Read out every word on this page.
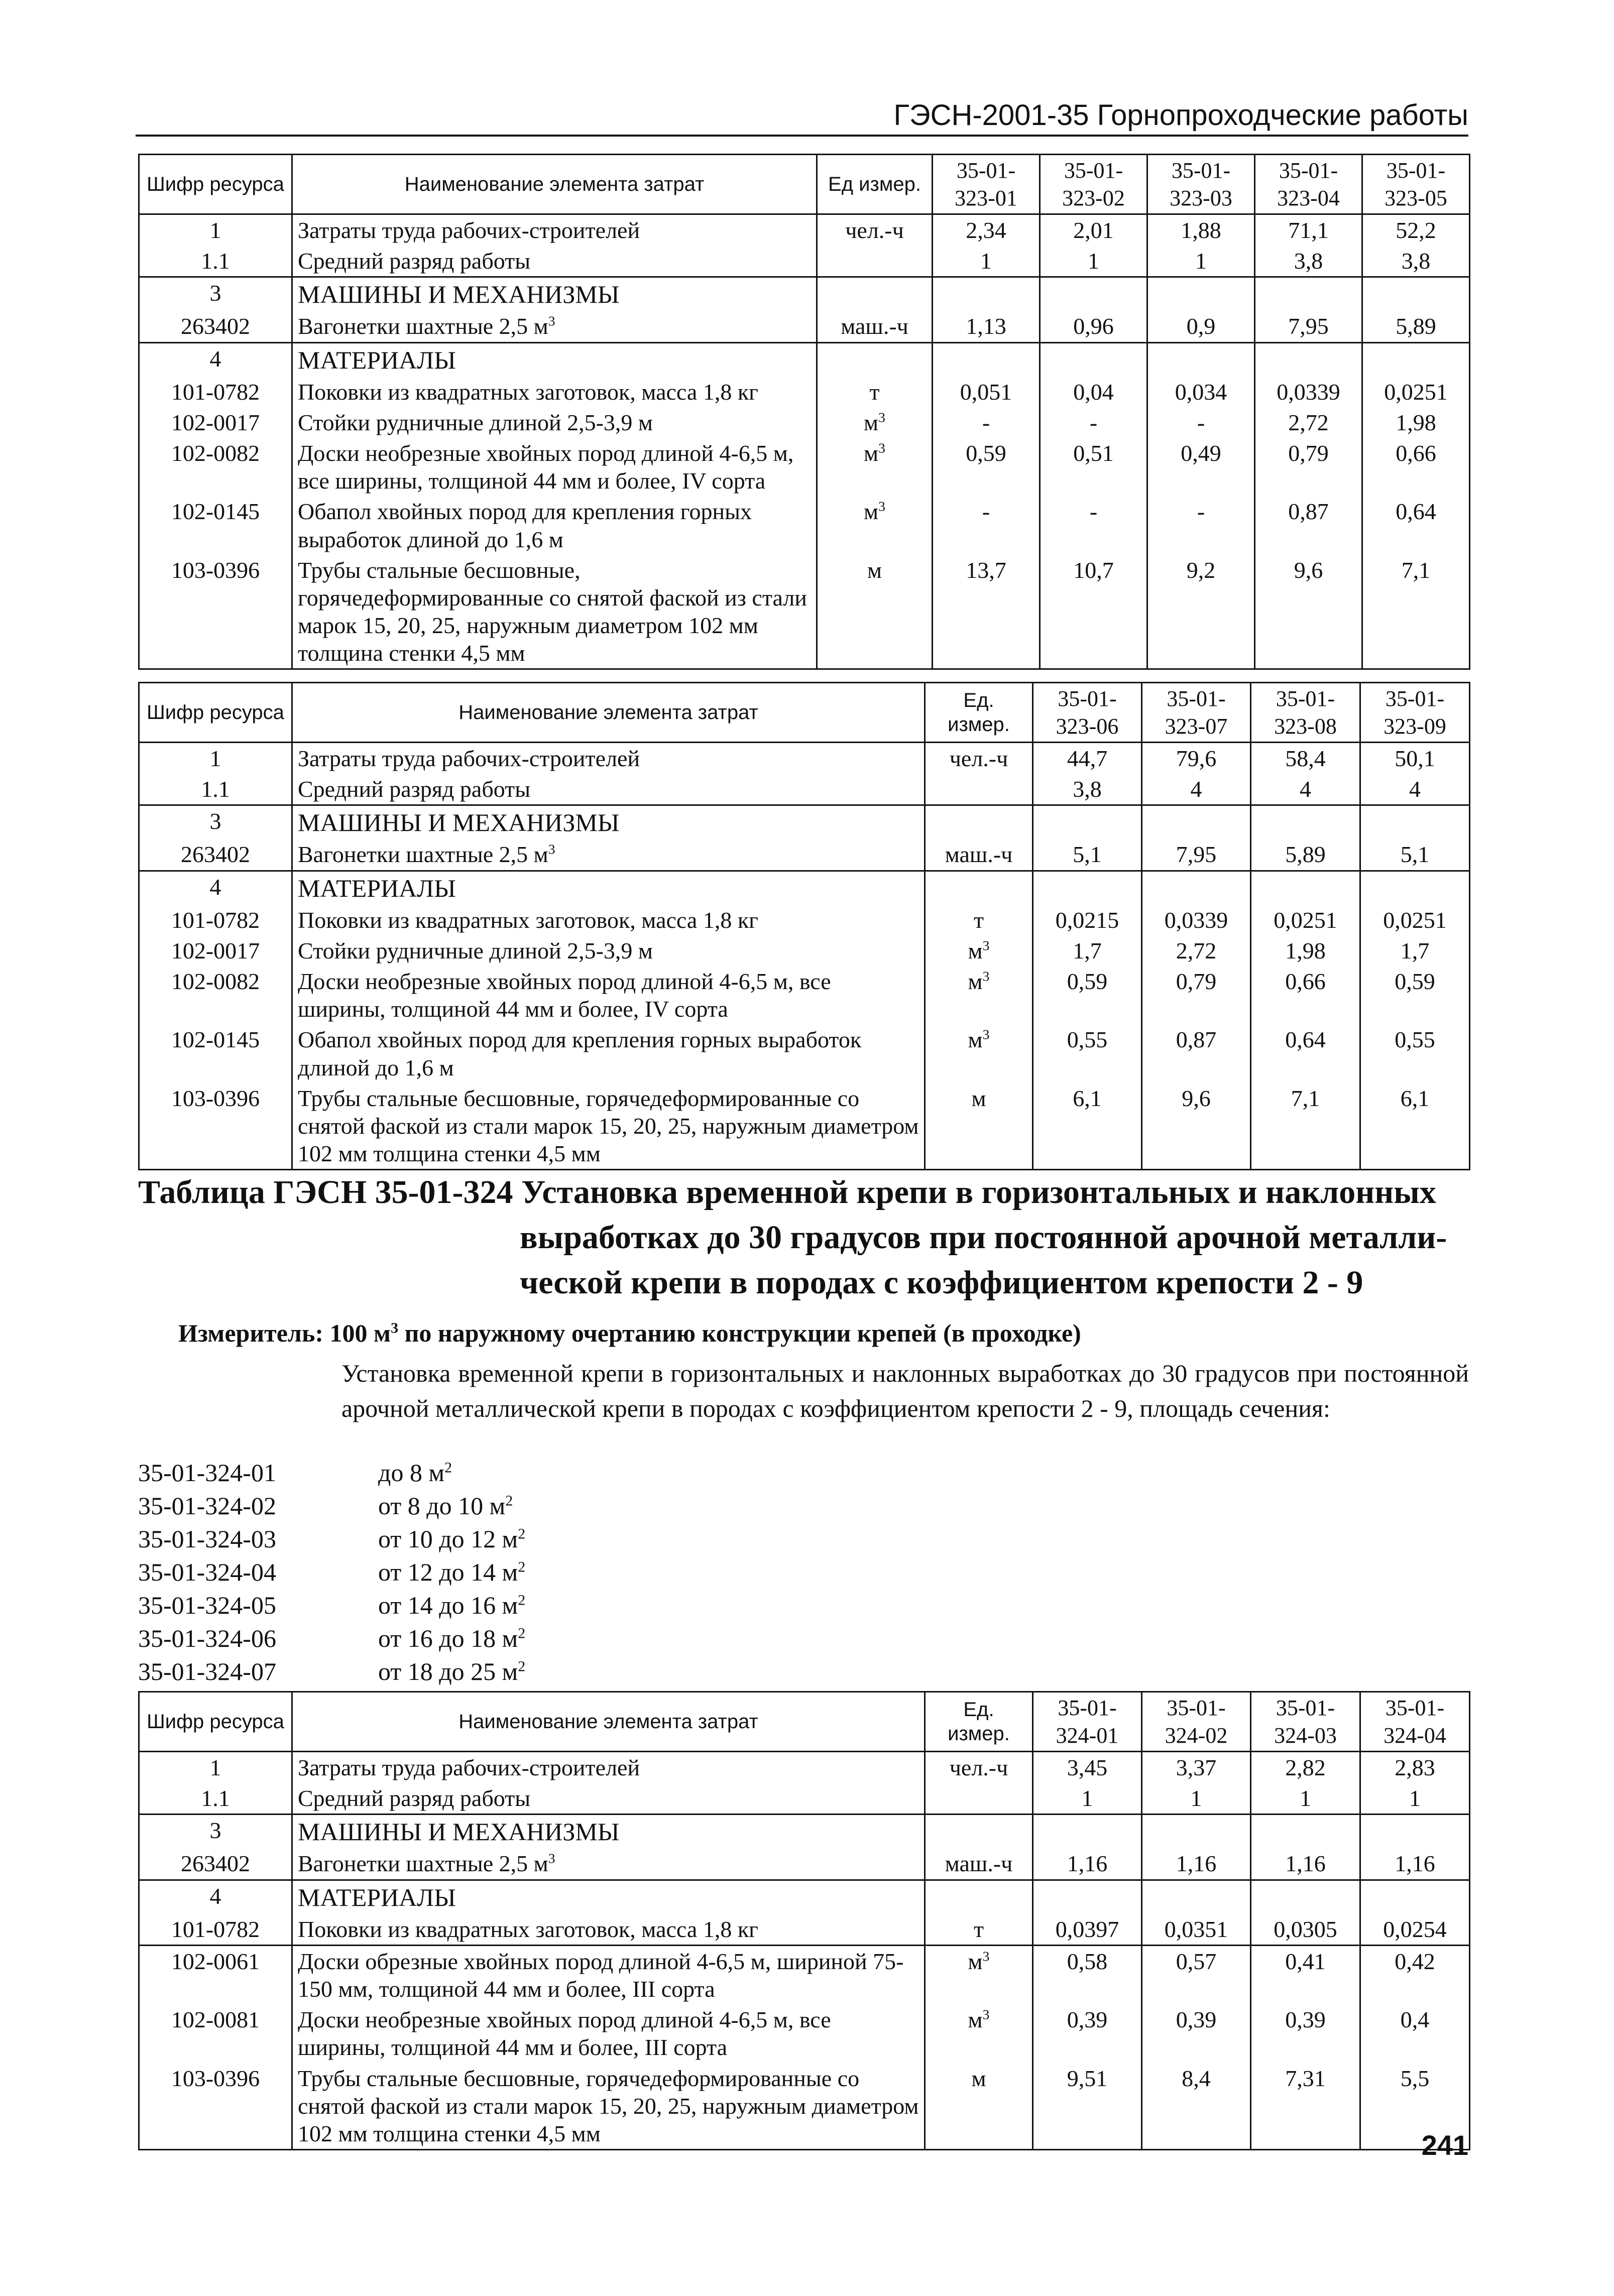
ГЭСН-2001-35 Горнопроходческие работы
Шифр ресурса	Наименование элемента затрат	Ед измер.	35-01-
323-01	35-01-
323-02	35-01-
323-03	35-01-
323-04	35-01-
323-05
1	Затраты труда рабочих-строителей	чел.-ч	2,34	2,01	1,88	71,1	52,2
1.1	Средний разряд работы		1	1	1	3,8	3,8
3	МАШИНЫ И МЕХАНИЗМЫ						
263402	Вагонетки шахтные 2,5 $м^3$	маш.-ч	1,13	0,96	0,9	7,95	5,89
4	МАТЕРИАЛЫ						
101-0782	Поковки из квадратных заготовок, масса 1,8 кг	т	0,051	0,04	0,034	0,0339	0,0251
102-0017	Стойки рудничные длиной 2,5-3,9 м	$м^3$	-	-	-	2,72	1,98
102-0082	Доски необрезные хвойных пород длиной 4-6,5 м, все ширины, толщиной 44 мм и более, IV сорта	$м^3$	0,59	0,51	0,49	0,79	0,66
102-0145	Обапол хвойных пород для крепления горных выработок длиной до 1,6 м	$м^3$	-	-	-	0,87	0,64
103-0396	Трубы стальные бесшовные, горячедеформированные со снятой фаской из стали марок 15, 20, 25, наружным диаметром 102 мм толщина стенки 4,5 мм	м	13,7	10,7	9,2	9,6	7,1
Шифр ресурса	Наименование элемента затрат	Ед. измер.	35-01-
323-06	35-01-
323-07	35-01-
323-08	35-01-
323-09
1	Затраты труда рабочих-строителей	чел.-ч	44,7	79,6	58,4	50,1
1.1	Средний разряд работы		3,8	4	4	4
3	МАШИНЫ И МЕХАНИЗМЫ					
263402	Вагонетки шахтные 2,5 $м^3$	маш.-ч	5,1	7,95	5,89	5,1
4	МАТЕРИАЛЫ					
101-0782	Поковки из квадратных заготовок, масса 1,8 кг	т	0,0215	0,0339	0,0251	0,0251
102-0017	Стойки рудничные длиной 2,5-3,9 м	$м^3$	1,7	2,72	1,98	1,7
102-0082	Доски необрезные хвойных пород длиной 4-6,5 м, все ширины, толщиной 44 мм и более, IV сорта	$м^3$	0,59	0,79	0,66	0,59
102-0145	Обапол хвойных пород для крепления горных выработок длиной до 1,6 м	$м^3$	0,55	0,87	0,64	0,55
103-0396	Трубы стальные бесшовные, горячедеформированные со снятой фаской из стали марок 15, 20, 25, наружным диаметром 102 мм толщина стенки 4,5 мм	м	6,1	9,6	7,1	6,1
Таблица ГЭСН 35-01-324 Установка временной крепи в горизонтальных и наклонных
выработках до 30 градусов при постоянной арочной металли-
ческой крепи в породах с коэффициентом крепости 2 - 9
Измеритель: 100 $м^3$ по наружному очертанию конструкции крепей (в проходке)
Установка временной крепи в горизонтальных и наклонных выработках до 30 градусов при постоянной арочной металлической крепи в породах с коэффициентом крепости 2 - 9, площадь сечения:
35-01-324-01	до 8 $м^2$
35-01-324-02	от 8 до 10 $м^2$
35-01-324-03	от 10 до 12 $м^2$
35-01-324-04	от 12 до 14 $м^2$
35-01-324-05	от 14 до 16 $м^2$
35-01-324-06	от 16 до 18 $м^2$
35-01-324-07	от 18 до 25 $м^2$
Шифр ресурса	Наименование элемента затрат	Ед. измер.	35-01-
324-01	35-01-
324-02	35-01-
324-03	35-01-
324-04
1	Затраты труда рабочих-строителей	чел.-ч	3,45	3,37	2,82	2,83
1.1	Средний разряд работы		1	1	1	1
3	МАШИНЫ И МЕХАНИЗМЫ					
263402	Вагонетки шахтные 2,5 $м^3$	маш.-ч	1,16	1,16	1,16	1,16
4	МАТЕРИАЛЫ					
101-0782	Поковки из квадратных заготовок, масса 1,8 кг	т	0,0397	0,0351	0,0305	0,0254
102-0061	Доски обрезные хвойных пород длиной 4-6,5 м, шириной 75-150 мм, толщиной 44 мм и более, III сорта	$м^3$	0,58	0,57	0,41	0,42
102-0081	Доски необрезные хвойных пород длиной 4-6,5 м, все ширины, толщиной 44 мм и более, III сорта	$м^3$	0,39	0,39	0,39	0,4
103-0396	Трубы стальные бесшовные, горячедеформированные со снятой фаской из стали марок 15, 20, 25, наружным диаметром 102 мм толщина стенки 4,5 мм	м	9,51	8,4	7,31	5,5
241
